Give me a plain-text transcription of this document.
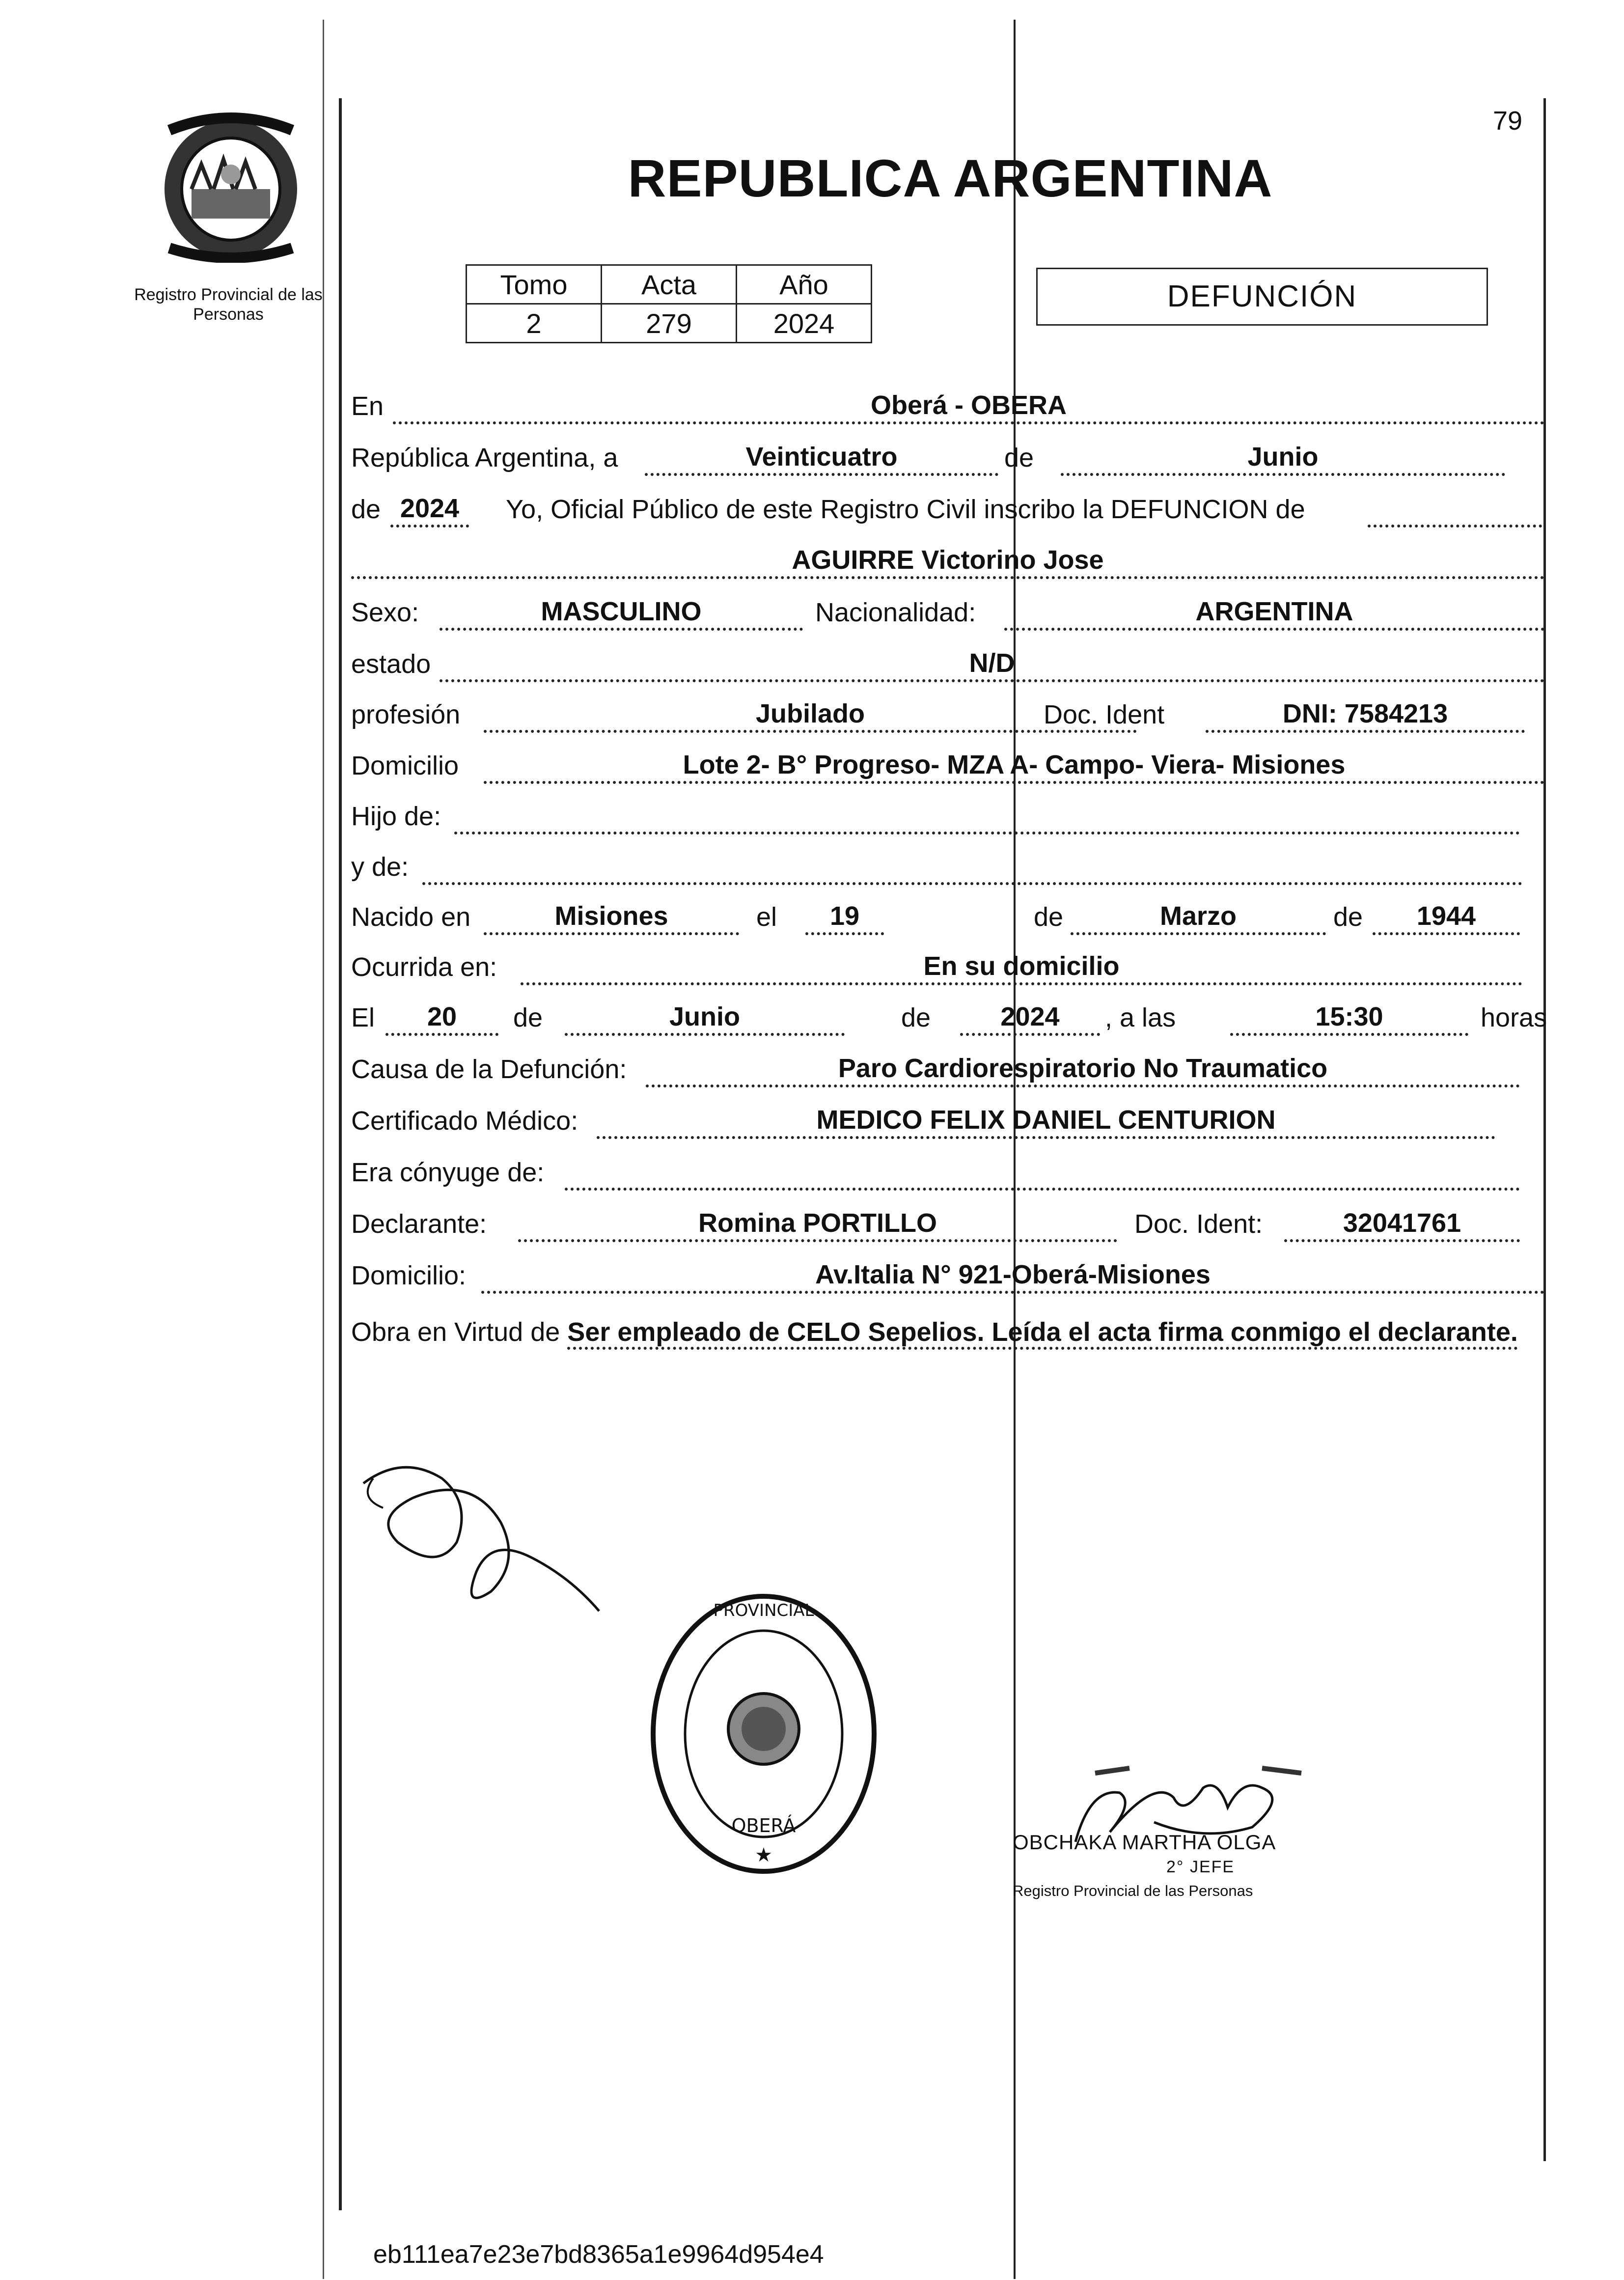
79
Registro Provincial de las Personas
REPUBLICA ARGENTINA
Tomo	Acta	Año
2	279	2024
DEFUNCIÓN
En	Oberá - OBERA
República Argentina, a	Veinticuatro	de	Junio
de 2024	Yo, Oficial Público de este Registro Civil inscribo la DEFUNCION de
AGUIRRE Victorino Jose
Sexo:	MASCULINO	Nacionalidad:	ARGENTINA
estado	N/D
profesión	Jubilado	Doc. Ident	DNI: 7584213
Domicilio	Lote 2- B° Progreso- MZA A- Campo- Viera- Misiones
Hijo de:
y de:
Nacido en	Misiones	el	19	de	Marzo	de	1944
Ocurrida en:	En su domicilio
El	20	de	Junio	de	2024	, a las	15:30	horas
Causa de la Defunción:	Paro Cardiorespiratorio No Traumatico
Certificado Médico:	MEDICO FELIX DANIEL CENTURION
Era cónyuge de:
Declarante:	Romina PORTILLO	Doc. Ident:	32041761
Domicilio:	Av.Italia N° 921-Oberá-Misiones
Obra en Virtud de Ser empleado de CELO Sepelios. Leída el acta firma conmigo el declarante.
PROVINCIAL
OBERÁ
★
OBCHAKA MARTHA OLGA
2° JEFE
Registro Provincial de las Personas
eb111ea7e23e7bd8365a1e9964d954e4
